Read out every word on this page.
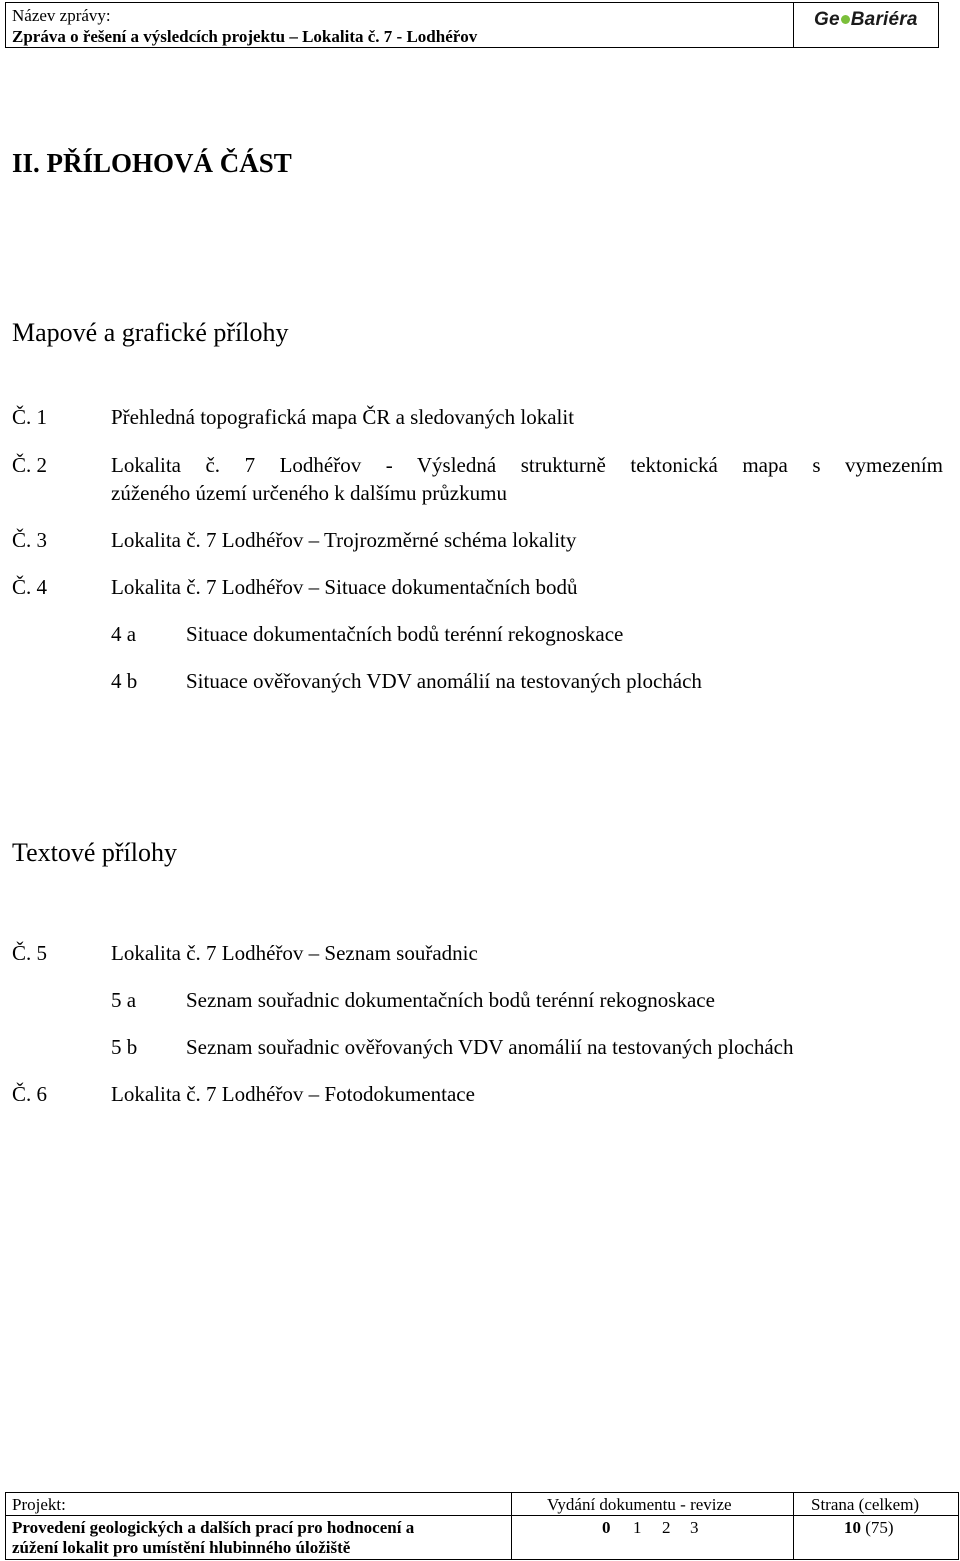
Název zprávy:
Zpráva o řešení a výsledcích projektu – Lokalita č. 7 - Lodhéřov
Ge Bariéra
II. PŘÍLOHOVÁ ČÁST
Mapové a grafické přílohy
Č. 1	Přehledná topografická mapa ČR a sledovaných lokalit
Č. 2	Lokalita č. 7 Lodhéřov - Výsledná strukturně tektonická mapa s vymezením
zúženého území určeného k dalšímu průzkumu
Č. 3	Lokalita č. 7 Lodhéřov – Trojrozměrné schéma lokality
Č. 4	Lokalita č. 7 Lodhéřov – Situace dokumentačních bodů
4 a Situace dokumentačních bodů terénní rekognoskace
4 b Situace ověřovaných VDV anomálií na testovaných plochách
Textové přílohy
Č. 5	Lokalita č. 7 Lodhéřov – Seznam souřadnic
5 a Seznam souřadnic dokumentačních bodů terénní rekognoskace
5 b Seznam souřadnic ověřovaných VDV anomálií na testovaných plochách
Č. 6	Lokalita č. 7 Lodhéřov – Fotodokumentace
Projekt:
Provedení geologických a dalších prací pro hodnocení a
zúžení lokalit pro umístění hlubinného úložiště
Vydání dokumentu - revize
0 1 2 3
Strana (celkem)
10 (75)
